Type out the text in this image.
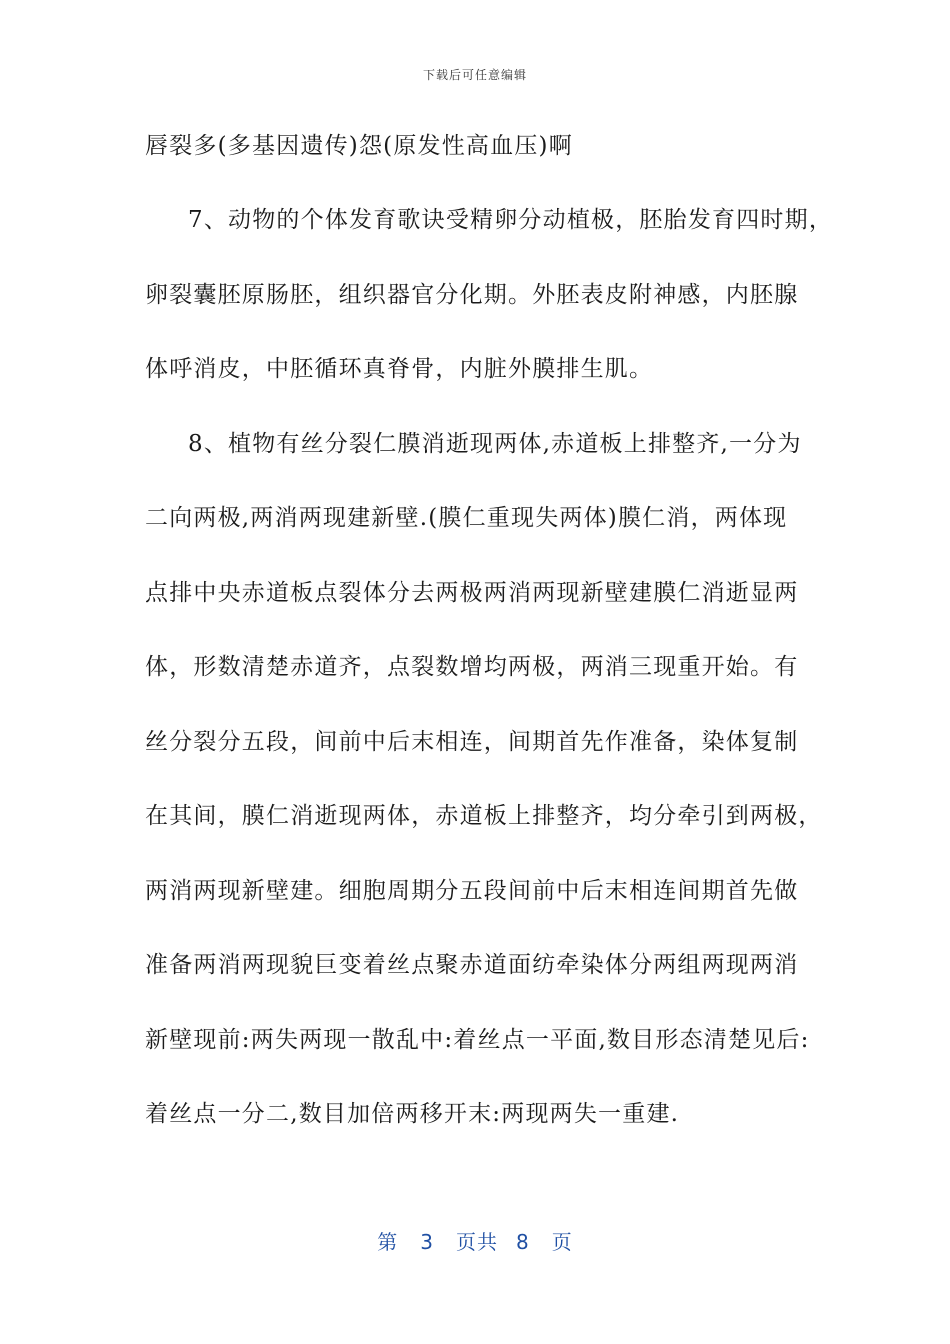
下载后可任意编辑
唇裂多(多基因遗传)怨(原发性高血压)啊
7、动物的个体发育歌诀受精卵分动植极，胚胎发育四时期，
卵裂囊胚原肠胚，组织器官分化期。外胚表皮附神感，内胚腺
体呼消皮，中胚循环真脊骨，内脏外膜排生肌。
8、植物有丝分裂仁膜消逝现两体,赤道板上排整齐,一分为
二向两极,两消两现建新壁.(膜仁重现失两体)膜仁消，两体现
点排中央赤道板点裂体分去两极两消两现新壁建膜仁消逝显两
体，形数清楚赤道齐，点裂数增均两极，两消三现重开始。有
丝分裂分五段，间前中后末相连，间期首先作准备，染体复制
在其间，膜仁消逝现两体，赤道板上排整齐，均分牵引到两极，
两消两现新壁建。细胞周期分五段间前中后末相连间期首先做
准备两消两现貌巨变着丝点聚赤道面纺牵染体分两组两现两消
新壁现前:两失两现一散乱中:着丝点一平面,数目形态清楚见后:
着丝点一分二,数目加倍两移开末:两现两失一重建.
第 3 页共 8 页
